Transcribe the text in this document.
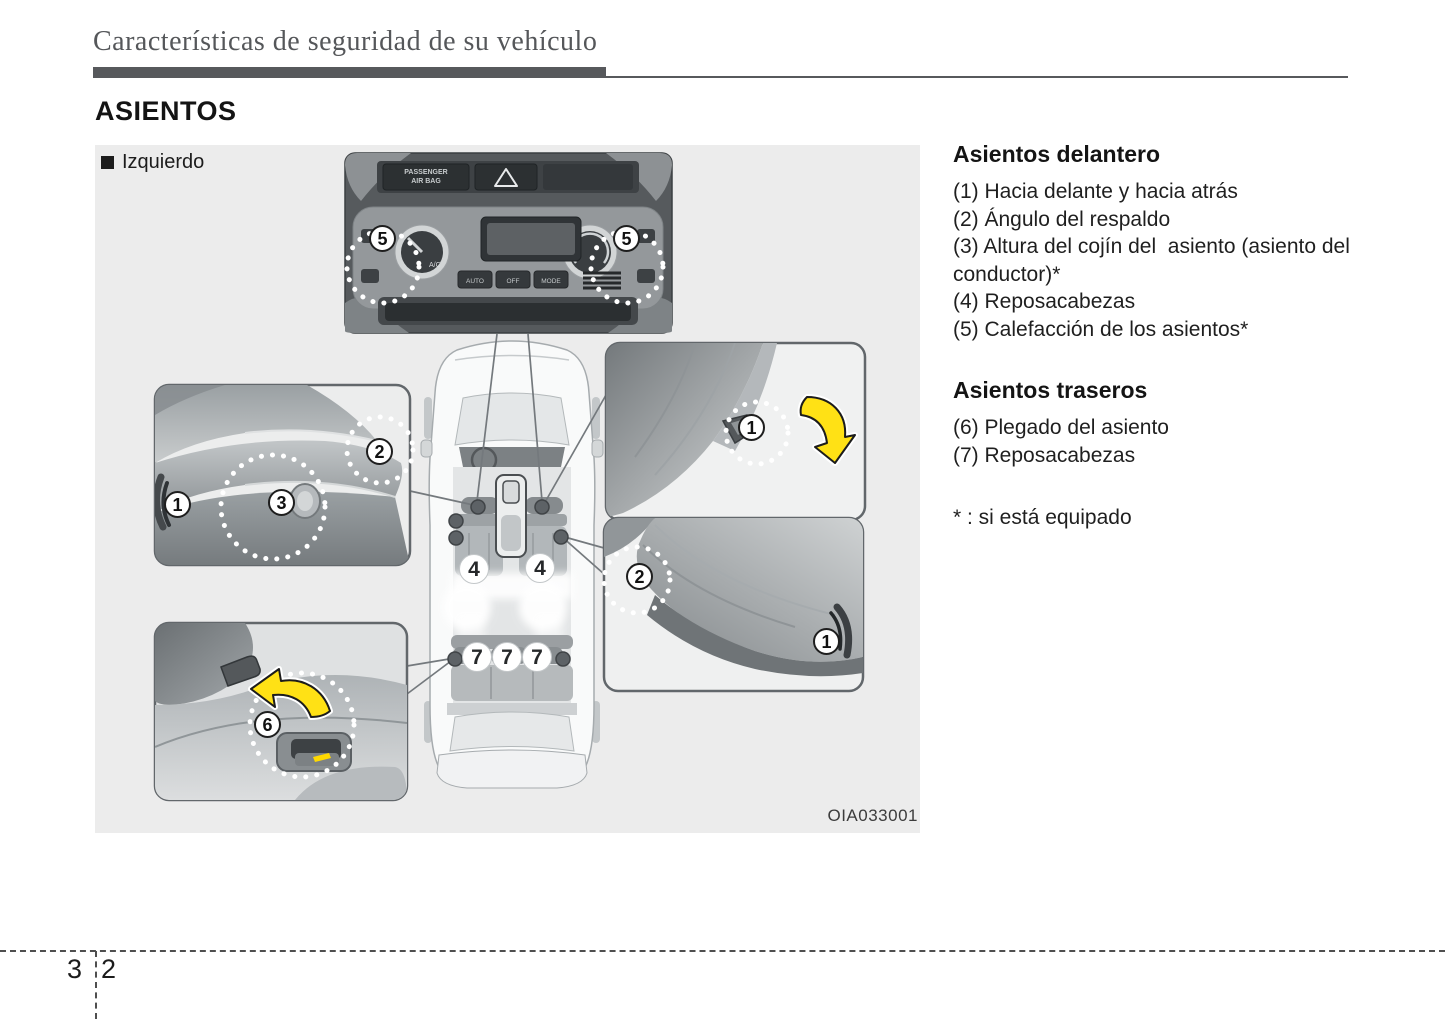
Características de seguridad de su vehículo
ASIENTOS
PASSENGER
AIR BAG
A/C
AUTO	OFF	MODE
Izquierdo
OIA033001
5	5
1
2
3
1
2
1
6
4	4
7 7 7
Asientos delantero

(1) Hacia delante y hacia atrás

(2) Ángulo del respaldo

(3) Altura del cojín del  asiento (asiento del conductor)*

(4) Reposacabezas

(5) Calefacción de los asientos*

Asientos traseros

(6) Plegado del asiento

(7) Reposacabezas

* : si está equipado

3 2
